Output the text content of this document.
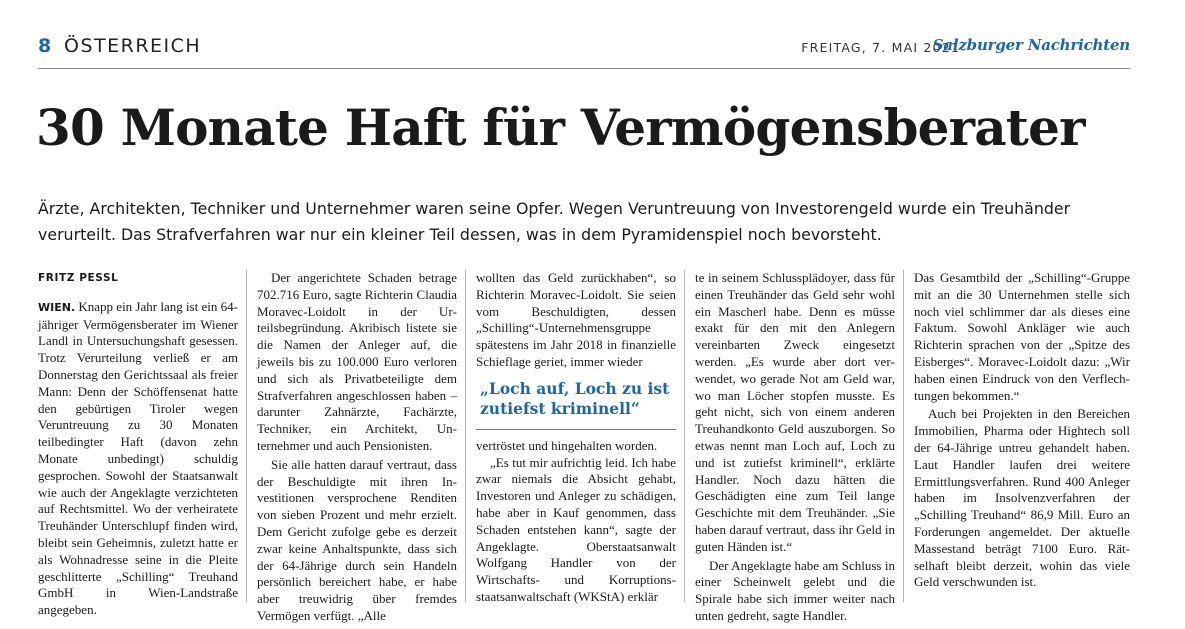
8 ÖSTERREICH	FREITAG, 7. MAI 2021
Salzburger Nachrichten
30 Monate Haft für Vermögensberater

Ärzte, Architekten, Techniker und Unternehmer waren seine Opfer. Wegen Veruntreuung von Investorengeld wurde ein Treuhänder verurteilt. Das Strafverfahren war nur ein kleiner Teil dessen, was in dem Pyramidenspiel noch bevorsteht.

FRITZ PESSL

WIEN. Knapp ein Jahr lang ist ein 64-jähriger Vermögensberater im Wiener Landl in Untersuchungshaft gesessen. Trotz Verurteilung verließ er am Donnerstag den Gerichtssaal als freier Mann: Denn der Schöffensenat hatte den gebürtigen Tiroler wegen Veruntreuung zu 30 Monaten teilbedingter Haft (davon zehn Monate unbedingt) schuldig gesprochen. Sowohl der Staatsanwalt wie auch der Angeklagte verzichteten auf Rechtsmittel. Wo der verheiratete Treuhänder Unterschlupf finden wird, bleibt sein Geheimnis, zuletzt hatte er als Wohnadresse seine in die Pleite geschlitterte „Schilling“ Treuhand GmbH in Wien-Landstraße angegeben.

Der angerichtete Schaden betrage 702.716 Euro, sagte Richterin Claudia Moravec-Loidolt in der Urteilsbegründung. Akribisch listete sie die Namen der Anleger auf, die jeweils bis zu 100.000 Euro verloren und sich als Privatbeteiligte dem Strafverfahren angeschlossen haben – darunter Zahnärzte, Fachärzte, Techniker, ein Architekt, Unternehmer und auch Pensionisten.

Sie alle hatten darauf vertraut, dass der Beschuldigte mit ihren Investitionen versprochene Renditen von sieben Prozent und mehr erzielt. Dem Gericht zufolge gebe es derzeit zwar keine Anhaltspunkte, dass sich der 64-Jährige durch sein Handeln persönlich bereichert habe, er habe aber treuwidrig über fremdes Vermögen verfügt. „Alle

wollten das Geld zurückhaben“, so Richterin Moravec-Loidolt. Sie seien vom Beschuldigten, dessen „Schilling“-Unternehmensgruppe spätestens im Jahr 2018 in finanzielle Schieflage geriet, immer wieder

„Loch auf, Loch zu ist zutiefst kriminell“

vertröstet und hingehalten worden.

„Es tut mir aufrichtig leid. Ich habe zwar niemals die Absicht gehabt, Investoren und Anleger zu schädigen, habe aber in Kauf genommen, dass Schaden entstehen kann“, sagte der Angeklagte. Oberstaatsanwalt Wolfgang Handler von der Wirtschafts- und Korruptionsstaatsanwaltschaft (WKStA) erklär

te in seinem Schlussplädoyer, dass für einen Treuhänder das Geld sehr wohl ein Mascherl habe. Denn es müsse exakt für den mit den Anlegern vereinbarten Zweck eingesetzt werden. „Es wurde aber dort verwendet, wo gerade Not am Geld war, wo man Löcher stopfen musste. Es geht nicht, sich von einem anderen Treuhandkonto Geld auszuborgen. So etwas nennt man Loch auf, Loch zu und ist zutiefst kriminell“, erklärte Handler. Noch dazu hätten die Geschädigten eine zum Teil lange Geschichte mit dem Treuhänder. „Sie haben darauf vertraut, dass ihr Geld in guten Händen ist.“

Der Angeklagte habe am Schluss in einer Scheinwelt gelebt und die Spirale habe sich immer weiter nach unten gedreht, sagte Handler.

Das Gesamtbild der „Schilling“-Gruppe mit an die 30 Unternehmen stelle sich noch viel schlimmer dar als dieses eine Faktum. Sowohl Ankläger wie auch Richterin sprachen von der „Spitze des Eisberges“. Moravec-Loidolt dazu: „Wir haben einen Eindruck von den Verflechtungen bekommen.“

Auch bei Projekten in den Bereichen Immobilien, Pharma oder Hightech soll der 64-Jährige untreu gehandelt haben. Laut Handler laufen drei weitere Ermittlungsverfahren. Rund 400 Anleger haben im Insolvenzverfahren der „Schilling Treuhand“ 86,9 Mill. Euro an Forderungen angemeldet. Der aktuelle Massestand beträgt 7100 Euro. Rätselhaft bleibt derzeit, wohin das viele Geld verschwunden ist.
